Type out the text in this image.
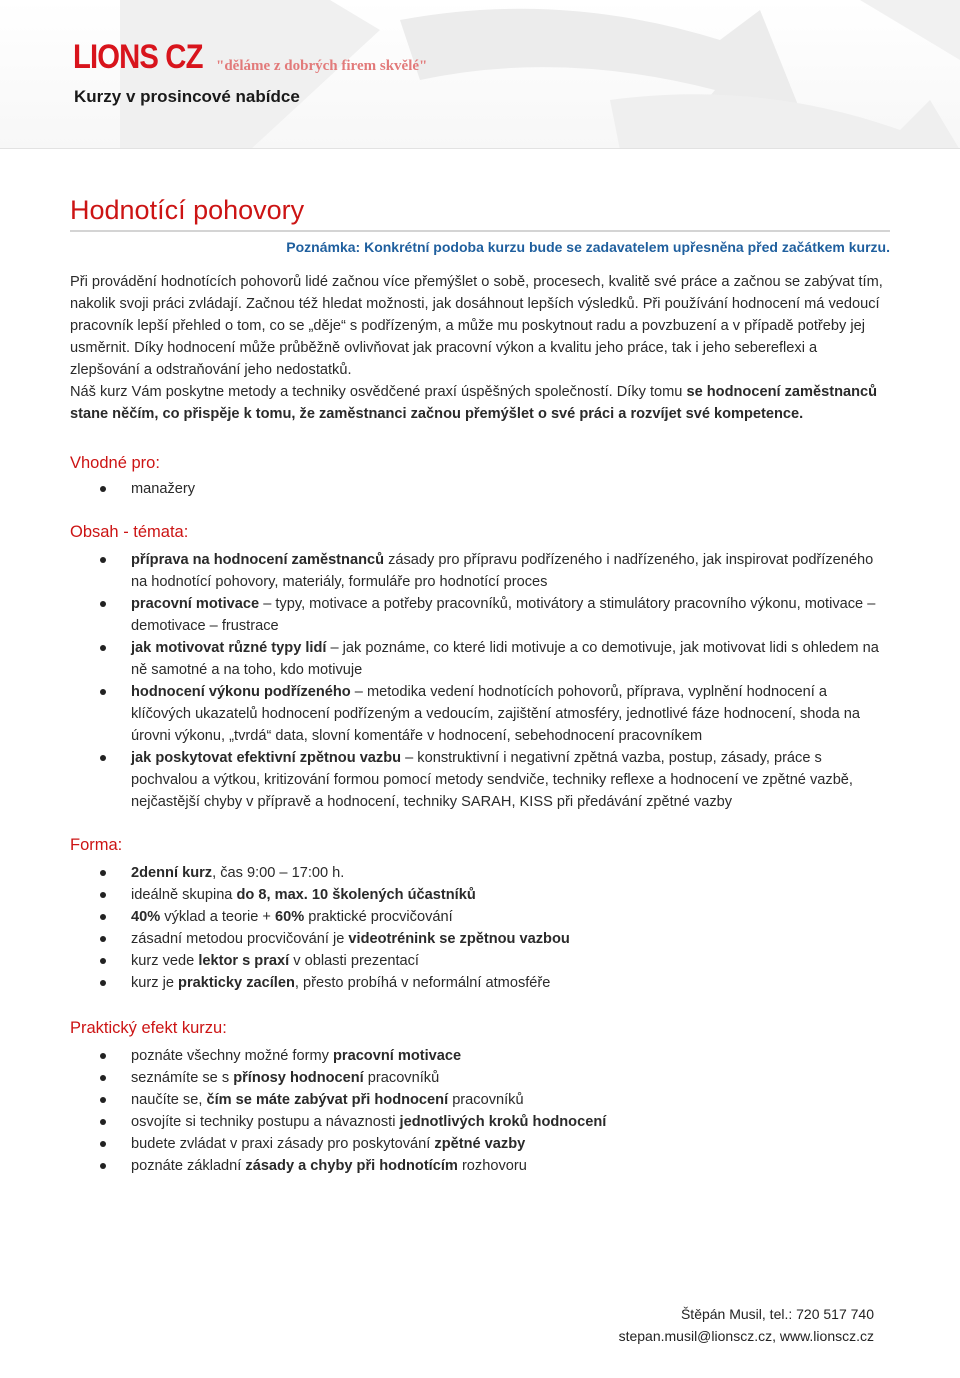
LIONS CZ "děláme z dobrých firem skvělé"
Kurzy v prosincové nabídce
Hodnotící pohovory
Poznámka: Konkrétní podoba kurzu bude se zadavatelem upřesněna před začátkem kurzu.

Při provádění hodnotících pohovorů lidé začnou více přemýšlet o sobě, procesech, kvalitě své práce a začnou se zabývat tím, nakolik svoji práci zvládají. Začnou též hledat možnosti, jak dosáhnout lepších výsledků. Při používání hodnocení má vedoucí pracovník lepší přehled o tom, co se „děje“ s podřízeným, a může mu poskytnout radu a povzbuzení a v případě potřeby jej usměrnit. Díky hodnocení může průběžně ovlivňovat jak pracovní výkon a kvalitu jeho práce, tak i jeho sebereflexi a zlepšování a odstraňování jeho nedostatků.

Náš kurz Vám poskytne metody a techniky osvědčené praxí úspěšných společností. Díky tomu se hodnocení zaměstnanců stane něčím, co přispěje k tomu, že zaměstnanci začnou přemýšlet o své práci a rozvíjet své kompetence.

Vhodné pro:
manažery
Obsah - témata:
příprava na hodnocení zaměstnanců zásady pro přípravu podřízeného i nadřízeného, jak inspirovat podřízeného na hodnotící pohovory, materiály, formuláře pro hodnotící proces
pracovní motivace – typy, motivace a potřeby pracovníků, motivátory a stimulátory pracovního výkonu, motivace – demotivace – frustrace
jak motivovat různé typy lidí – jak poznáme, co které lidi motivuje a co demotivuje, jak motivovat lidi s ohledem na ně samotné a na toho, kdo motivuje
hodnocení výkonu podřízeného – metodika vedení hodnotících pohovorů, příprava, vyplnění hodnocení a klíčových ukazatelů hodnocení podřízeným a vedoucím, zajištění atmosféry, jednotlivé fáze hodnocení, shoda na úrovni výkonu, „tvrdá“ data, slovní komentáře v hodnocení, sebehodnocení pracovníkem
jak poskytovat efektivní zpětnou vazbu – konstruktivní i negativní zpětná vazba, postup, zásady, práce s pochvalou a výtkou, kritizování formou pomocí metody sendviče, techniky reflexe a hodnocení ve zpětné vazbě, nejčastější chyby v přípravě a hodnocení, techniky SARAH, KISS při předávání zpětné vazby
Forma:
2denní kurz, čas 9:00 – 17:00 h.
ideálně skupina do 8, max. 10 školených účastníků
40% výklad a teorie + 60% praktické procvičování
zásadní metodou procvičování je videotrénink se zpětnou vazbou
kurz vede lektor s praxí v oblasti prezentací
kurz je prakticky zacílen, přesto probíhá v neformální atmosféře
Praktický efekt kurzu:
poznáte všechny možné formy pracovní motivace
seznámíte se s přínosy hodnocení pracovníků
naučíte se, čím se máte zabývat při hodnocení pracovníků
osvojíte si techniky postupu a návaznosti jednotlivých kroků hodnocení
budete zvládat v praxi zásady pro poskytování zpětné vazby
poznáte základní zásady a chyby při hodnotícím rozhovoru
Štěpán Musil, tel.: 720 517 740
stepan.musil@lionscz.cz, www.lionscz.cz
